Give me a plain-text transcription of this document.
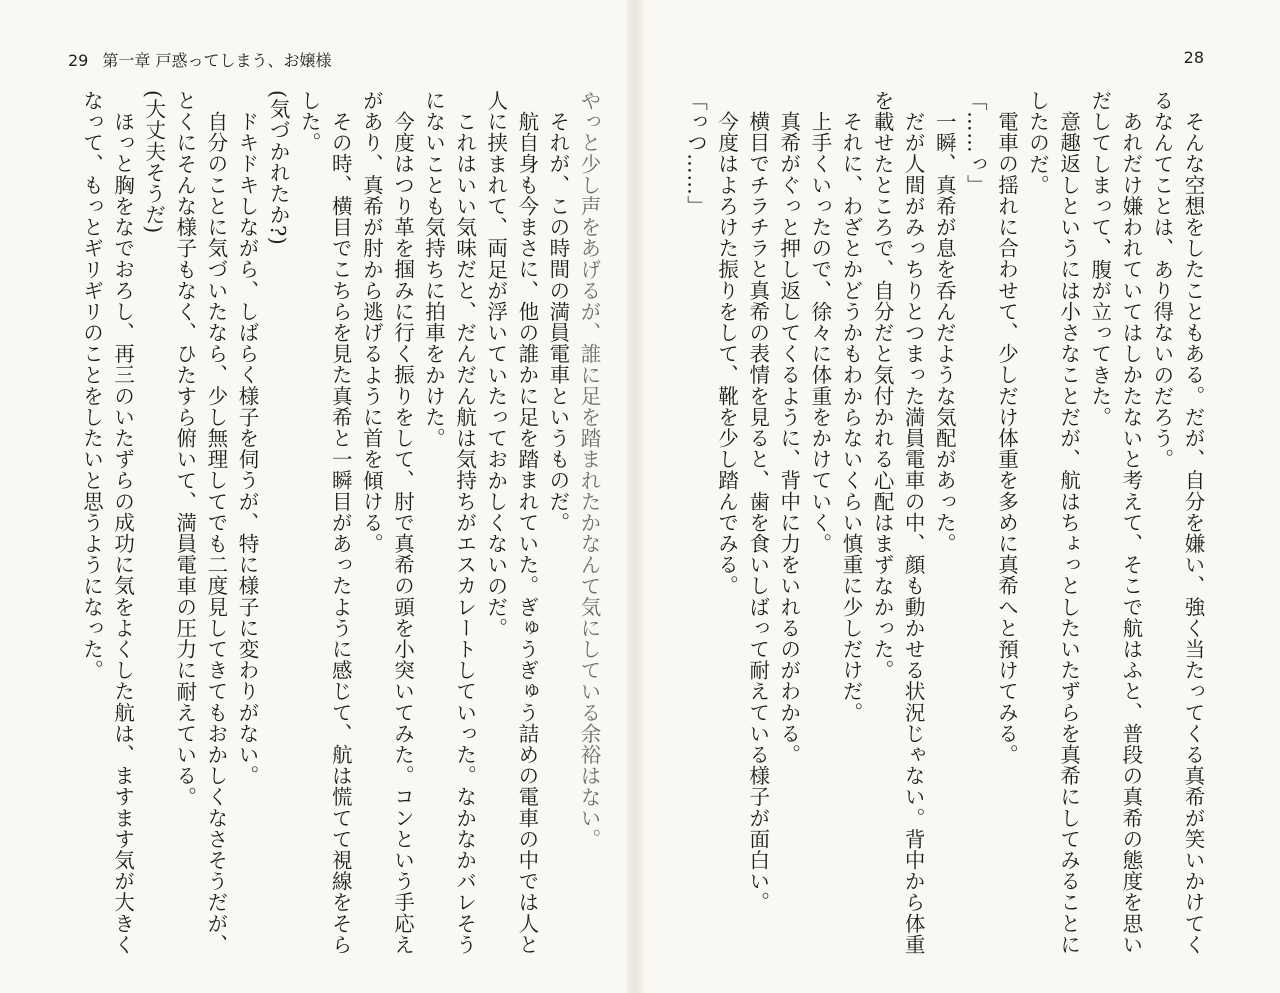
29 第一章 戸惑ってしまう、お嬢様

やっと少し声をあげるが、誰に足を踏まれたかなんて気にしている余裕はない。

それが、この時間の満員電車というものだ。

航自身も今まさに、他の誰かに足を踏まれていた。ぎゅうぎゅう詰めの電車の中では人と人に挟まれて、両足が浮いていたっておかしくないのだ。

これはいい気味だと、だんだん航は気持ちがエスカレートしていった。なかなかバレそうにないことも気持ちに拍車をかけた。

今度はつり革を掴みに行く振りをして、肘で真希の頭を小突いてみた。コンという手応えがあり、真希が肘から逃げるように首を傾ける。

その時、横目でこちらを見た真希と一瞬目があったように感じて、航は慌てて視線をそらした。

(気づかれたか?)

ドキドキしながら、しばらく様子を伺うが、特に様子に変わりがない。

自分のことに気づいたなら、少し無理してでも二度見してきてもおかしくなさそうだが、とくにそんな様子もなく、ひたすら俯いて、満員電車の圧力に耐えている。

(大丈夫そうだ)

ほっと胸をなでおろし、再三のいたずらの成功に気をよくした航は、ますます気が大きくなって、もっとギリギリのことをしたいと思うようになった。

28

そんな空想をしたこともある。だが、自分を嫌い、強く当たってくる真希が笑いかけてくるなんてことは、あり得ないのだろう。

あれだけ嫌われていてはしかたないと考えて、そこで航はふと、普段の真希の態度を思いだしてしまって、腹が立ってきた。

意趣返しというには小さなことだが、航はちょっとしたいたずらを真希にしてみることにしたのだ。

電車の揺れに合わせて、少しだけ体重を多めに真希へと預けてみる。

「……っ」

一瞬、真希が息を呑んだような気配があった。

だが人間がみっちりとつまった満員電車の中、顔も動かせる状況じゃない。背中から体重を載せたところで、自分だと気付かれる心配はまずなかった。

それに、わざとかどうかもわからないくらい慎重に少しだけだ。

上手くいったので、徐々に体重をかけていく。

真希がぐっと押し返してくるように、背中に力をいれるのがわかる。

横目でチラチラと真希の表情を見ると、歯を食いしばって耐えている様子が面白い。

今度はよろけた振りをして、靴を少し踏んでみる。

「っつ……」
